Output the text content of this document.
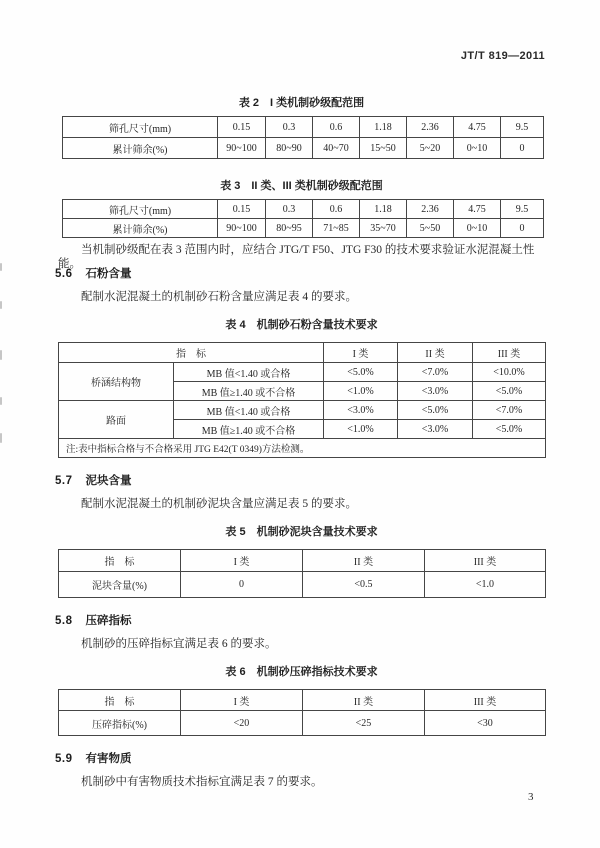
JT/T 819—2011
表 2　I 类机制砂级配范围
筛孔尺寸(mm)	0.15	0.3	0.6	1.18	2.36	4.75	9.5
累计筛余(%)	90~100	80~90	40~70	15~50	5~20	0~10	0
表 3　II 类、III 类机制砂级配范围
筛孔尺寸(mm)	0.15	0.3	0.6	1.18	2.36	4.75	9.5
累计筛余(%)	90~100	80~95	71~85	35~70	5~50	0~10	0
当机制砂级配在表 3 范围内时，应结合 JTG/T F50、JTG F30 的技术要求验证水泥混凝土性能。
5.6 石粉含量
配制水泥混凝土的机制砂石粉含量应满足表 4 的要求。
表 4　机制砂石粉含量技术要求
指　标		I 类	II 类	III 类
桥涵结构物	MB 值<1.40 或合格	<5.0%	<7.0%	<10.0%
	MB 值≥1.40 或不合格	<1.0%	<3.0%	<5.0%
路面	MB 值<1.40 或合格	<3.0%	<5.0%	<7.0%
	MB 值≥1.40 或不合格	<1.0%	<3.0%	<5.0%
注:表中指标合格与不合格采用 JTG E42(T 0349)方法检测。				
5.7 泥块含量
配制水泥混凝土的机制砂泥块含量应满足表 5 的要求。
表 5　机制砂泥块含量技术要求
指　标	I 类	II 类	III 类
泥块含量(%)	0	<0.5	<1.0
5.8 压碎指标
机制砂的压碎指标宜满足表 6 的要求。
表 6　机制砂压碎指标技术要求
指　标	I 类	II 类	III 类
压碎指标(%)	<20	<25	<30
5.9 有害物质
机制砂中有害物质技术指标宜满足表 7 的要求。
3
